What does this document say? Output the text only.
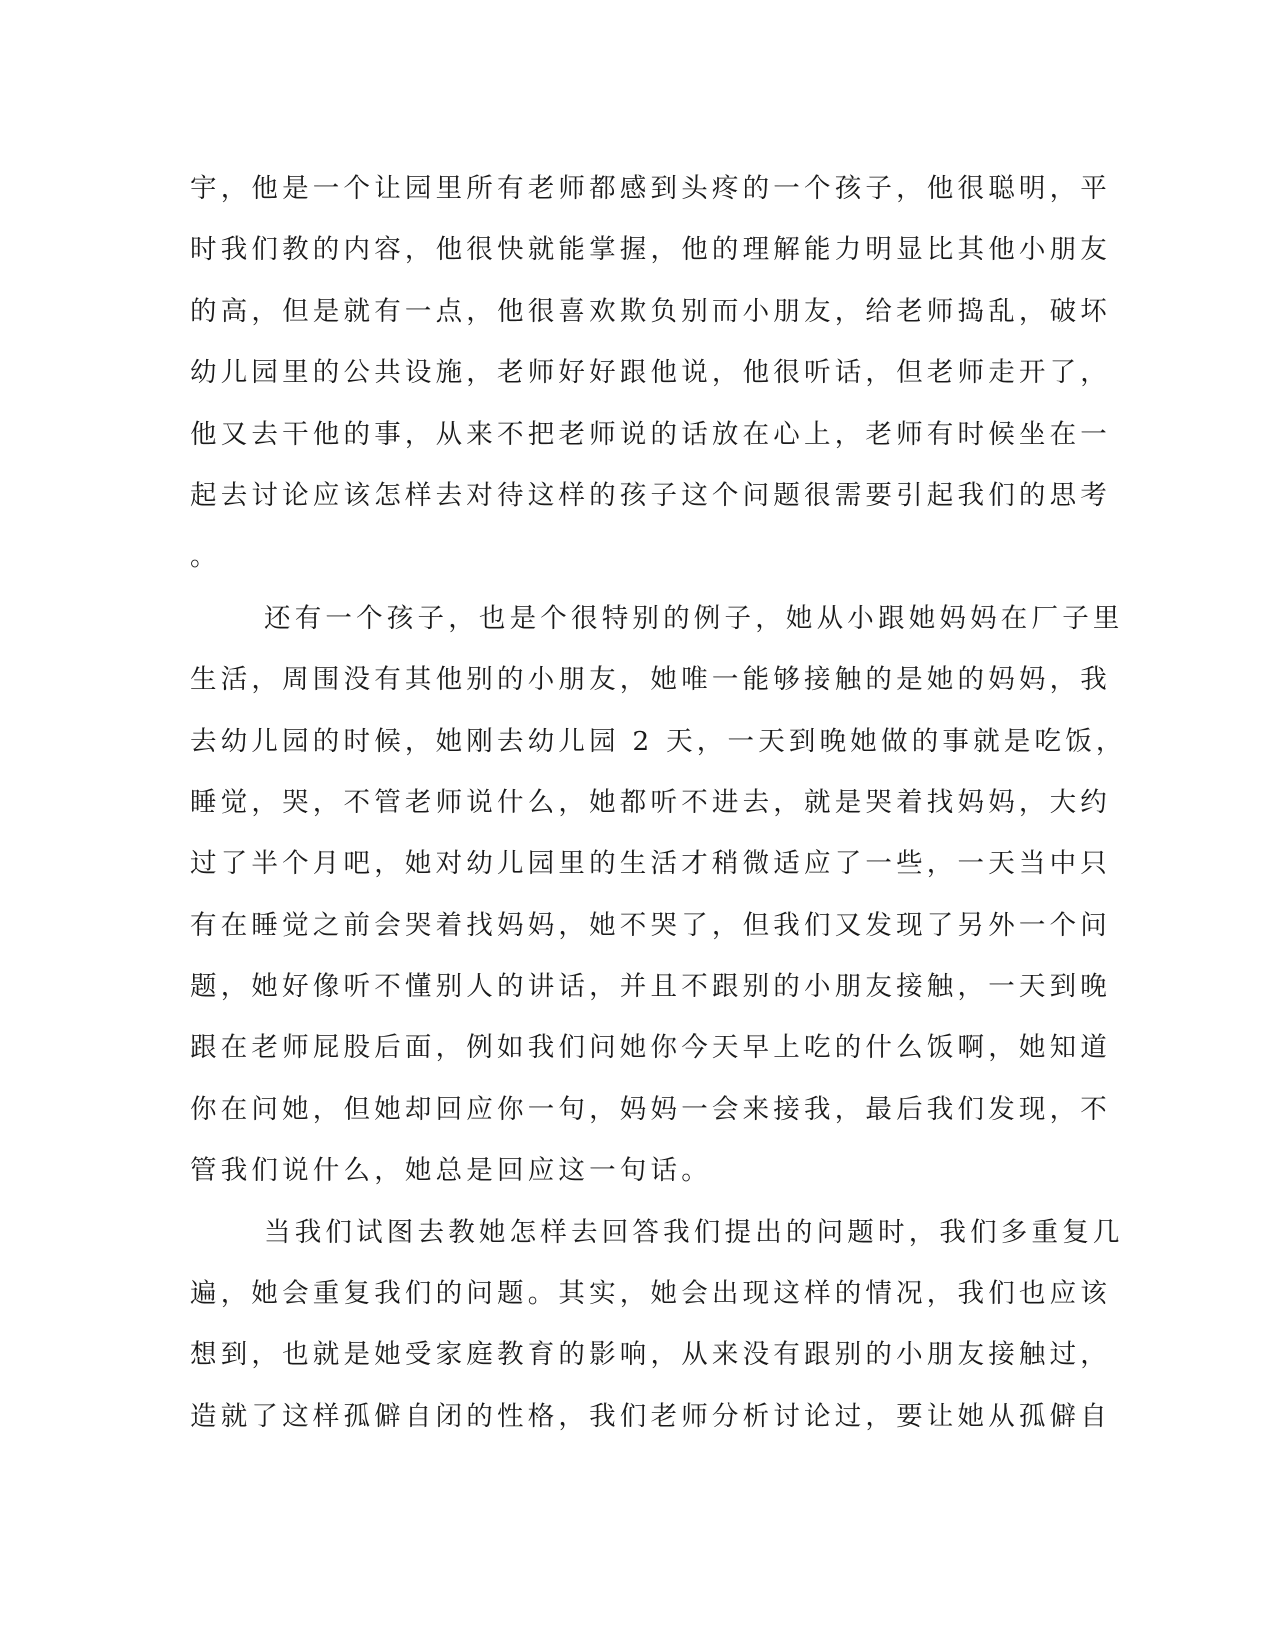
宇，他是一个让园里所有老师都感到头疼的一个孩子，他很聪明，平
时我们教的内容，他很快就能掌握，他的理解能力明显比其他小朋友
的高，但是就有一点，他很喜欢欺负别而小朋友，给老师捣乱，破坏
幼儿园里的公共设施，老师好好跟他说，他很听话，但老师走开了，
他又去干他的事，从来不把老师说的话放在心上，老师有时候坐在一
起去讨论应该怎样去对待这样的孩子这个问题很需要引起我们的思考
。
还有一个孩子，也是个很特别的例子，她从小跟她妈妈在厂子里
生活，周围没有其他别的小朋友，她唯一能够接触的是她的妈妈，我
去幼儿园的时候，她刚去幼儿园 2 天，一天到晚她做的事就是吃饭，
睡觉，哭，不管老师说什么，她都听不进去，就是哭着找妈妈，大约
过了半个月吧，她对幼儿园里的生活才稍微适应了一些，一天当中只
有在睡觉之前会哭着找妈妈，她不哭了，但我们又发现了另外一个问
题，她好像听不懂别人的讲话，并且不跟别的小朋友接触，一天到晚
跟在老师屁股后面，例如我们问她你今天早上吃的什么饭啊，她知道
你在问她，但她却回应你一句，妈妈一会来接我，最后我们发现，不
管我们说什么，她总是回应这一句话。
当我们试图去教她怎样去回答我们提出的问题时，我们多重复几
遍，她会重复我们的问题。其实，她会出现这样的情况，我们也应该
想到，也就是她受家庭教育的影响，从来没有跟别的小朋友接触过，
造就了这样孤僻自闭的性格，我们老师分析讨论过，要让她从孤僻自
